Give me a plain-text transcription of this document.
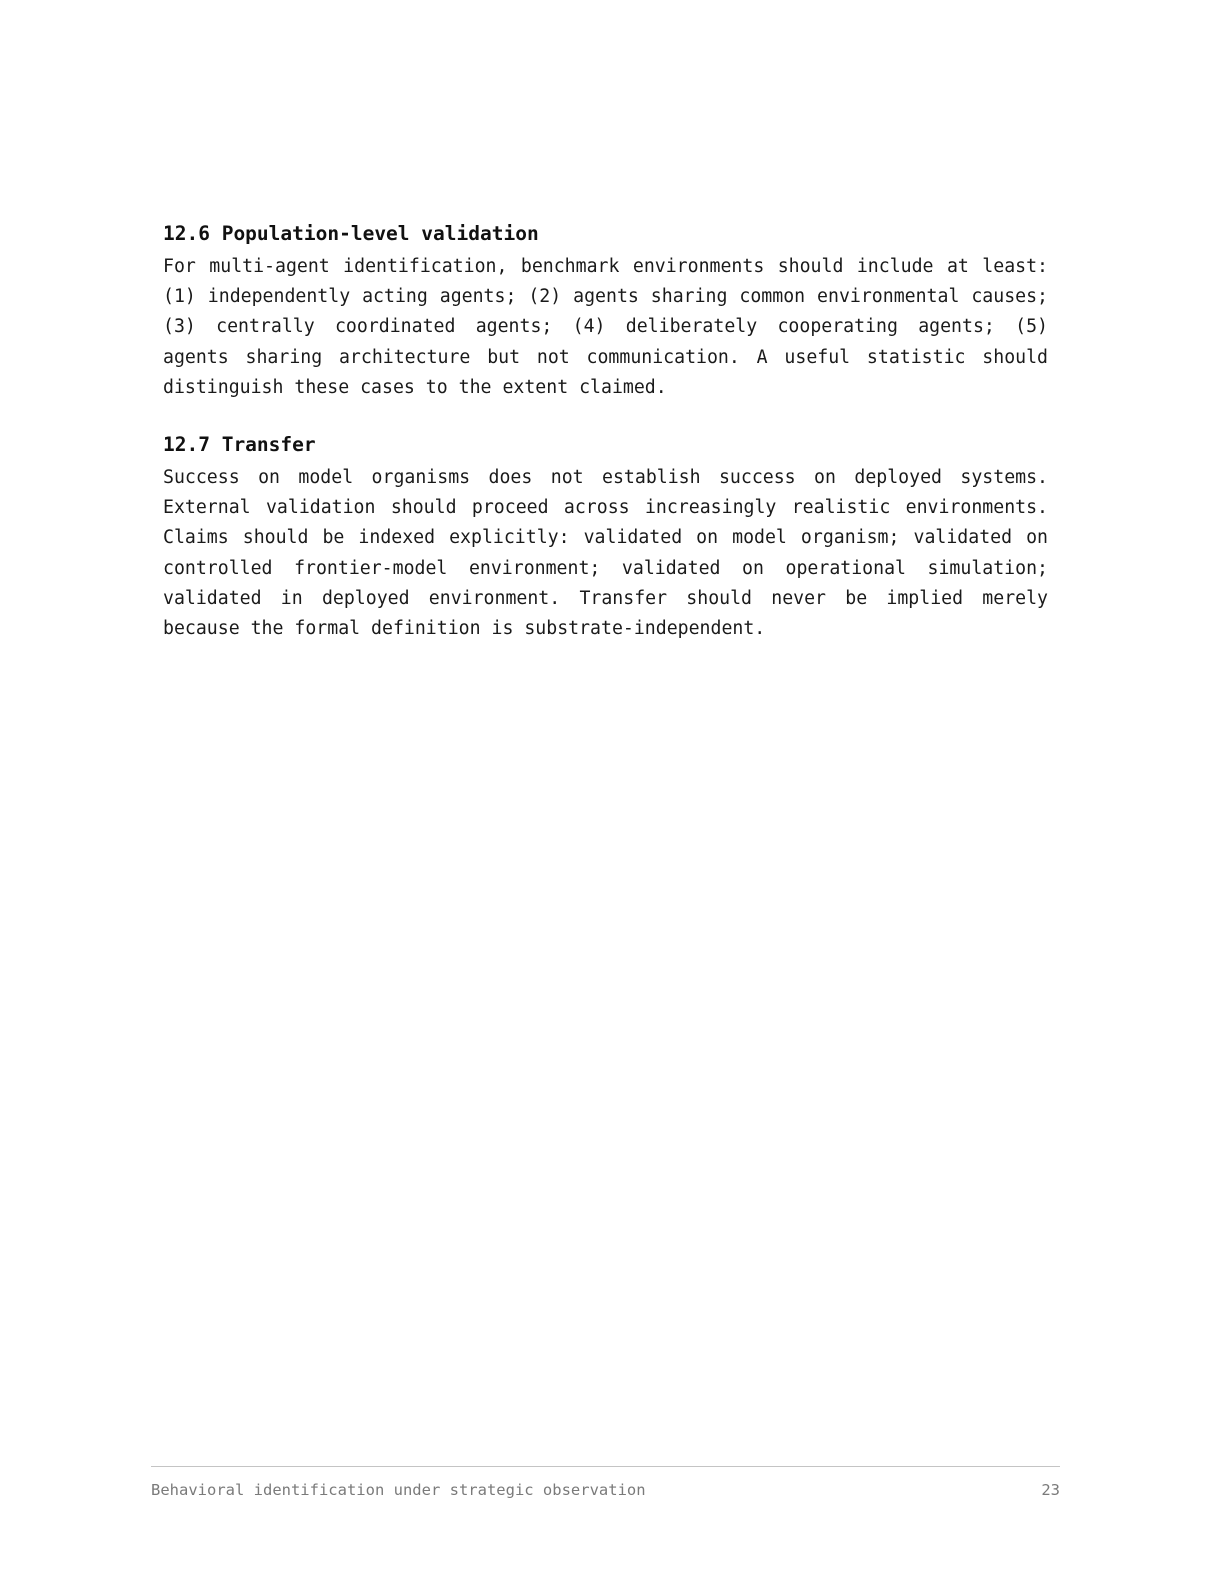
12.6 Population-level validation

For multi-agent identification, benchmark environments should include at least: (1) independently acting agents; (2) agents sharing common environmental causes; (3) centrally coordinated agents; (4) deliberately cooperating agents; (5) agents sharing architecture but not communication. A useful statistic should distinguish these cases to the extent claimed.

12.7 Transfer

Success on model organisms does not establish success on deployed systems. External validation should proceed across increasingly realistic environments. Claims should be indexed explicitly: validated on model organism; validated on controlled frontier-model environment; validated on operational simulation; validated in deployed environment. Transfer should never be implied merely because the formal definition is substrate-independent.

Behavioral identification under strategic observation	23
